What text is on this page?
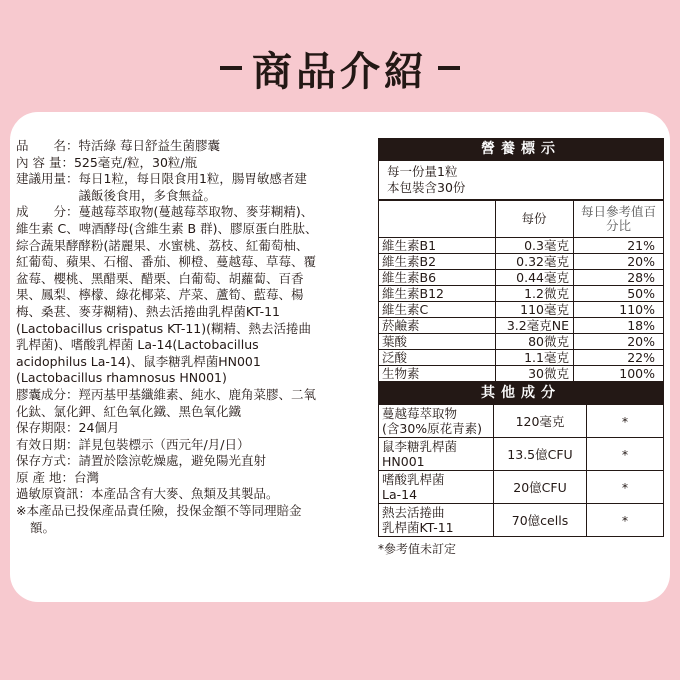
商品介紹
品　　名： 特活綠 莓日舒益生菌膠囊
內 容 量： 525毫克/粒，30粒/瓶
建議用量： 每日1粒，每日限食用1粒，腸胃敏感者建議飯後食用，多食無益。
成　　分：蔓越莓萃取物(蔓越莓萃取物、麥芽糊精)、維生素 C、啤酒酵母(含維生素 B 群)、膠原蛋白胜肽、綜合蔬果酵酵粉(諾麗果、水蜜桃、荔枝、紅葡萄柚、紅葡萄、蘋果、石榴、番茄、柳橙、蔓越莓、草莓、覆盆莓、櫻桃、黑醋栗、醋栗、白葡萄、胡蘿蔔、百香果、鳳梨、檸檬、綠花椰菜、芹菜、蘆筍、藍莓、楊梅、桑葚、麥芽糊精)、熱去活捲曲乳桿菌KT-11 (Lactobacillus crispatus KT-11)(糊精、熱去活捲曲乳桿菌)、嗜酸乳桿菌 La-14(Lactobacillus acidophilus La-14)、鼠李糖乳桿菌HN001 (Lactobacillus rhamnosus HN001)
膠囊成分：羥丙基甲基纖維素、純水、鹿角菜膠、二氧化鈦、氯化鉀、紅色氧化鐵、黑色氧化鐵
保存期限： 24個月
有效日期： 詳見包裝標示（西元年/月/日）
保存方式： 請置於陰涼乾燥處，避免陽光直射
原 產 地： 台灣
過敏原資訊： 本產品含有大麥、魚類及其製品。
※本產品已投保產品責任險，投保金額不等同理賠金額。
營養標示
每一份量1粒
本包裝含30份
	每份	每日參考值百分比
維生素B1	0.3毫克	21%
維生素B2	0.32毫克	20%
維生素B6	0.44毫克	28%
維生素B12	1.2微克	50%
維生素C	110毫克	110%
菸鹼素	3.2毫克NE	18%
葉酸	80微克	20%
泛酸	1.1毫克	22%
生物素	30微克	100%
其他成分
蔓越莓萃取物
(含30%原花青素)	120毫克	*

鼠李糖乳桿菌
HN001	13.5億CFU	*

嗜酸乳桿菌
La-14	20億CFU	*

熱去活捲曲
乳桿菌KT-11	70億cells	*
*參考值未訂定
